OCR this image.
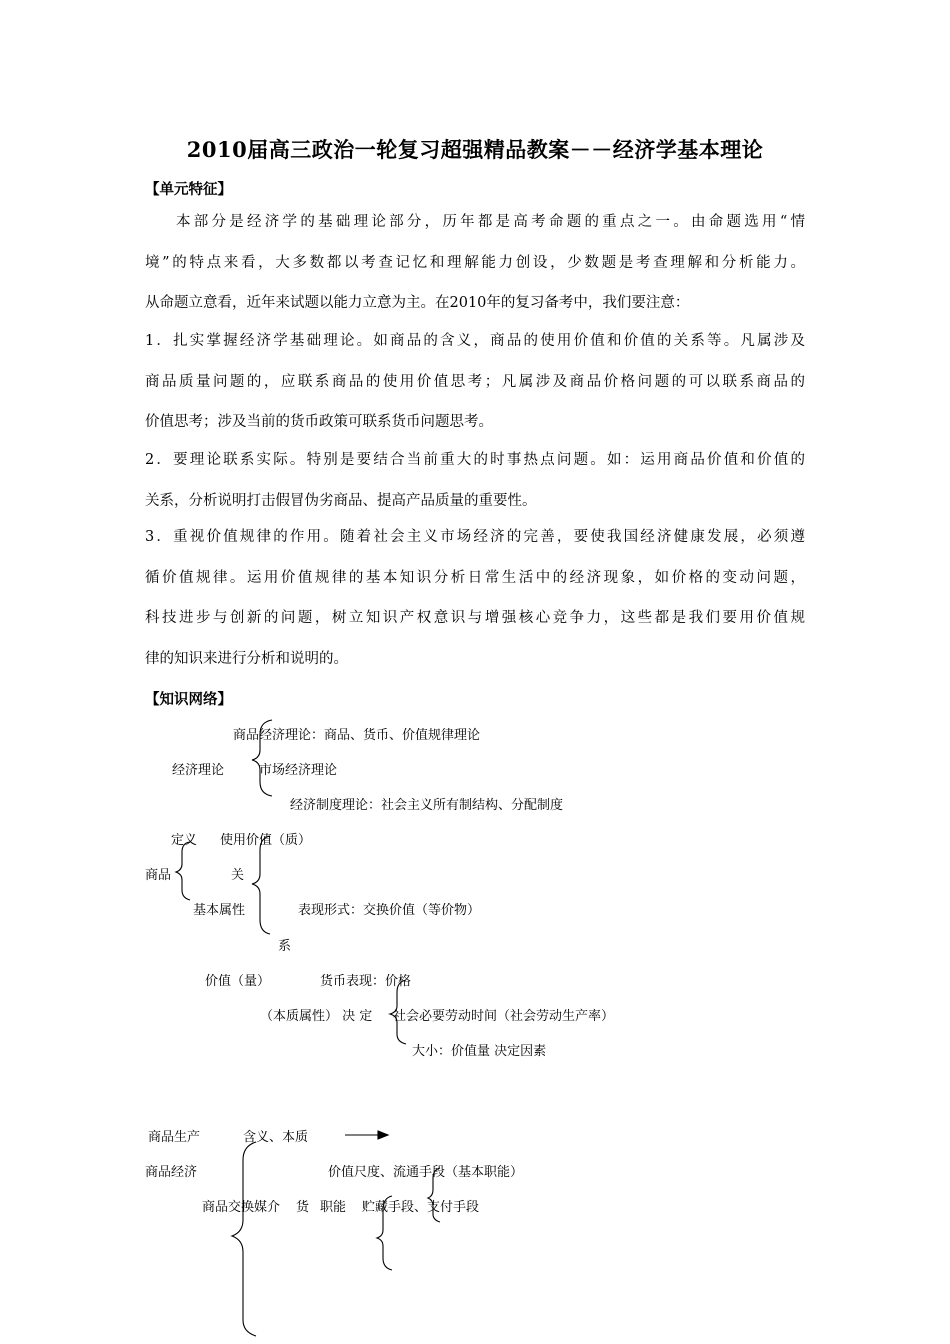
2010届高三政治一轮复习超强精品教案－－经济学基本理论
【单元特征】
本部分是经济学的基础理论部分，历年都是高考命题的重点之一。由命题选用“情
境”的特点来看，大多数都以考查记忆和理解能力创设，少数题是考查理解和分析能力。
从命题立意看，近年来试题以能力立意为主。在2010年的复习备考中，我们要注意：
1．扎实掌握经济学基础理论。如商品的含义，商品的使用价值和价值的关系等。凡属涉及
商品质量问题的，应联系商品的使用价值思考；凡属涉及商品价格问题的可以联系商品的
价值思考；涉及当前的货币政策可联系货币问题思考。
2．要理论联系实际。特别是要结合当前重大的时事热点问题。如：运用商品价值和价值的
关系，分析说明打击假冒伪劣商品、提高产品质量的重要性。
3．重视价值规律的作用。随着社会主义市场经济的完善，要使我国经济健康发展，必须遵
循价值规律。运用价值规律的基本知识分析日常生活中的经济现象，如价格的变动问题，
科技进步与创新的问题，树立知识产权意识与增强核心竞争力，这些都是我们要用价值规
律的知识来进行分析和说明的。
【知识网络】
商品经济理论：商品、货币、价值规律理论
经济理论	市场经济理论
经济制度理论：社会主义所有制结构、分配制度
定义 使用价值（质）
商品	关
基本属性	表现形式：交换价值（等价物）
系
价值（量）	货币表现：价格
（本质属性） 决 定 社会必要劳动时间（社会劳动生产率）
大小：价值量 决定因素
商品生产	含义、本质
商品经济	价值尺度、流通手段（基本职能）
商品交换媒介 货 职能 贮藏手段、支付手段
